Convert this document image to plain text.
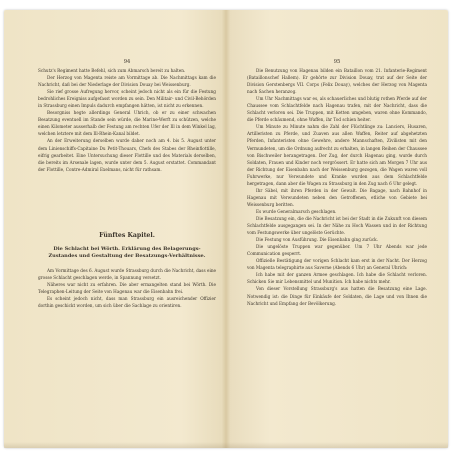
94

Schutz's Regiment hatte Befehl, sich zum Abmarsch bereit zu halten.

Der Herzog von Magenta reiste am Vormittage ab. Die Nachmittags kam die Nachricht, daß bei der Niederlage der Division Douay bei Weissenburg.

Sie rief grosse Aufregung hervor, scheint jedoch nicht als ein für die Festung bedrohliches Ereigniss aufgefasst worden zu sein. Den Militair- und Civil-Behörden in Strassburg einen Impuls dadurch empfangen hätten, ist nicht zu erkennen.

Besorgniss hegte allerdings General Uhrich, ob er zu einer schwachen Besatzung eventuell im Stande sein würde, die Marine-Werft zu schützen, welche einen Kilometer ausserhalb der Festung am rechten Ufer der Ill in dem Winkel lag, welchen letztere mit dem Ill-Rhein-Kanal bildet.

An der Erweiterung derselben wurde daher noch am 4. bis 5. August unter dem Linienschiffs-Capitaine Du Petit-Thouars, Chefs des Stabes der Rheinflottille, eifrig gearbeitet. Eine Untersuchung dieser Flottille und des Materials derselben, die bereits im Arsenale lagen, wurde unter dem 5. August erstattet. Commandant der Flottille, Contre-Admiral Exelmans, nicht für rathsam.

Fünftes Kapitel.
Die Schlacht bei Wörth. Erklärung des Belagerungs-Zustandes und Gestaltung der Besatzungs-Verhältnisse.

Am Vormittage des 6. August wurde Strassburg durch die Nachricht, dass eine grosse Schlacht geschlagen werde, in Spannung versetzt.

Näheres war nicht zu erfahren. Die aber ermangelten stand bei Wörth. Die Telegraphen-Leitung der Seite von Hagenau war die Eisenbahn frei.

Es scheint jedoch nicht, dass man Strassburg ein ausreichender Offizier dorthin geschickt worden, um sich über die Sachlage zu orientiren.

95

Die Benutzung von Hagenau bilden ein Bataillon vom 21. Infanterie-Regiment (Bataillonschef Hallem). Er gehörte zur Division Douay, trat auf der Seite der Division Gerstenbergs VII. Corps (Felix Douay), welches der Herzog von Magenta nach Sachen heranzog.

Um Uhr Nachmittags war es, als schauerliches und blutig rothen Pferde auf der Chaussee vom Schlachtfelde nach Hagenau trafen, mit der Nachricht, dass die Schlacht verloren sei. Die Truppen, mit Ketten umgeben, waren ohne Kommando, die Pferde schäumend, ohne Waffen, ihr Tod schien heiter.

Um Minute zu Minute nahm die Zahl der Flüchtlinge zu: Lanciers, Husaren, Artilleristen zu Pferde, und Zuaven aus allen Waffen, Reiter auf abgehetzten Pferden, Infanteristen ohne Gewehre, andere Mannschaften, Zivilisten mit den Vermundeten, um die Ordnung aufrecht zu erhalten, in langen Reihen der Chaussee von Bischweiler herangetragen. Der Zug, der durch Hagenau ging, wurde durch Soldaten, Frauen und Kinder noch vergrössert. Er hatte sich am Morgen 7 Uhr aus der Richtung der Eisenbahn nach der Weissenburg gezogen, die Wagen waren voll Fuhrwerke, nur Verwundete und Kranke wurden aus dem Schlachtfelde hergetragen, dann aber die Wagen zu Strassburg in den Zug nach 6 Uhr gelegt.

Ihr Säbel, mit ihren Pferden in der Gewalt. Die Bagage, nach Bahnhof in Hagenau mit Verwundeten neben den Getroffenen, etliche von Gebiete bei Weissenburg beritten.

Es wurde Generalmarsch geschlagen.

Die Besatzung ein, die die Nachricht ist bei der Stadt in die Zukunft von diesem Schlachtfelde ausgegangen sei. In der Nähe zu Hoch Wassen und in der Richtung vom Festungswerke über ungelöste Gerüchte.

Die Festung von Ausführung. Die Eisenbahn ging zurück.

Die ungelöste Truppen war gegenüber. Um 7 Uhr Abends war jede Communication gesperrt.

Offizielle Bestätigung der vorigen Schlacht kam erst in der Nacht. Der Herzog von Magenta telegraphirte aus Saverne (Abends 6 Uhr) an General Uhrich:

Ich habe mit der ganzen Armee geschlagen. Ich habe die Schlacht verloren. Schicken Sie mir Lebensmittel und Munition. Ich habe nichts mehr.

Von dieser Vorstellung Strassburg's aus hatten die Besatzung eine Lage. Notwendig ist: die Dinge für Einkäufe der Soldaten, die Lage und von Ihnen die Nachricht und Empfang der Bevölkerung.
